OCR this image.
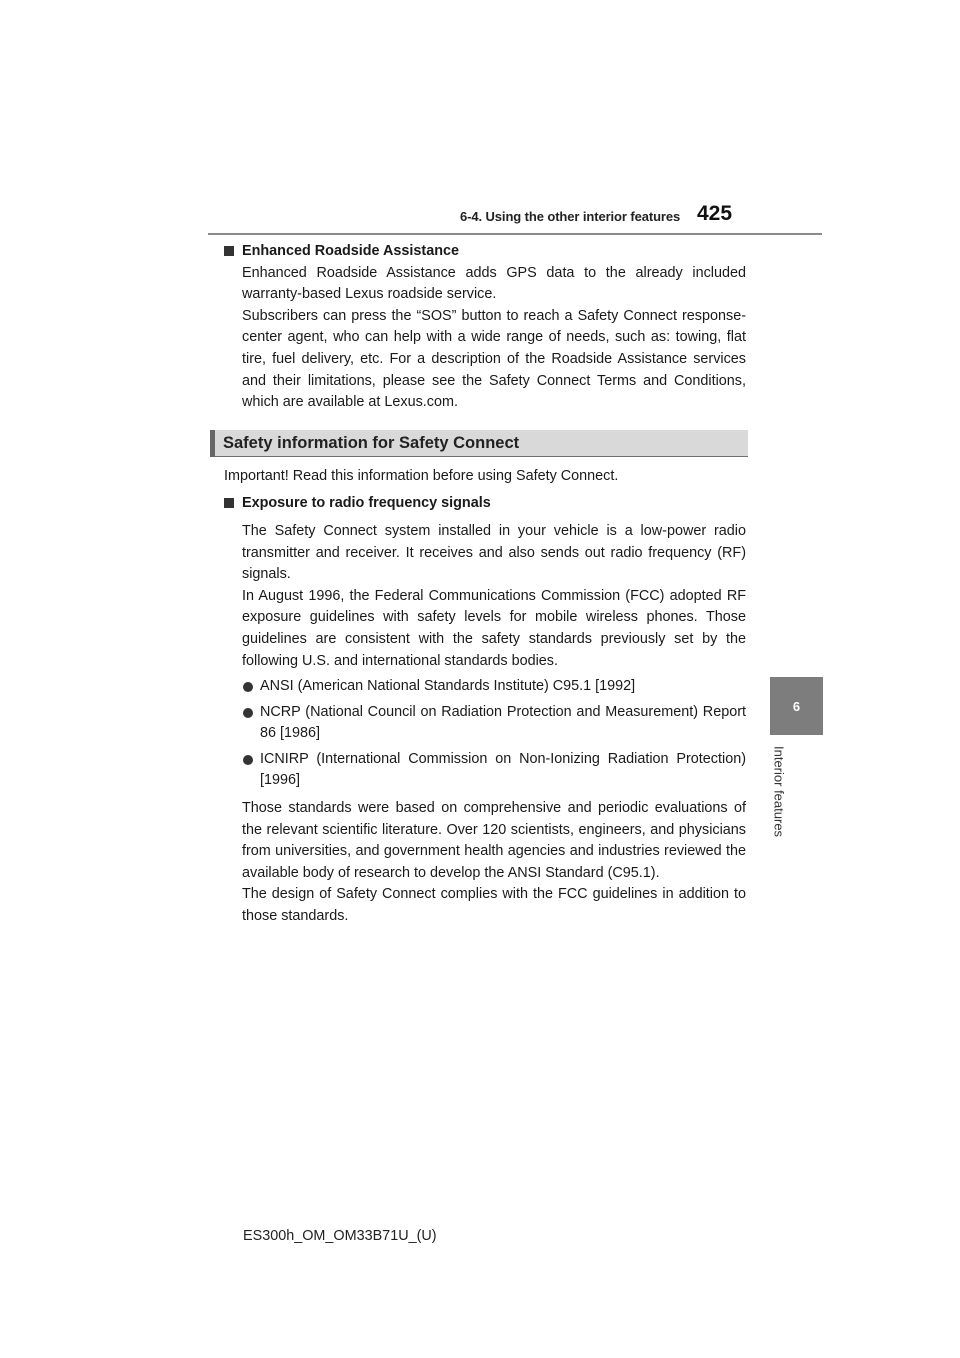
6-4. Using the other interior features 425
6
Interior features

Enhanced Roadside Assistance

Enhanced Roadside Assistance adds GPS data to the already included warranty-based Lexus roadside service.

Subscribers can press the “SOS” button to reach a Safety Connect response-center agent, who can help with a wide range of needs, such as: towing, flat tire, fuel delivery, etc. For a description of the Roadside Assistance services and their limitations, please see the Safety Connect Terms and Conditions, which are available at Lexus.com.

Safety information for Safety Connect

Important! Read this information before using Safety Connect.

Exposure to radio frequency signals

The Safety Connect system installed in your vehicle is a low-power radio transmitter and receiver. It receives and also sends out radio frequency (RF) signals.

In August 1996, the Federal Communications Commission (FCC) adopted RF exposure guidelines with safety levels for mobile wireless phones. Those guidelines are consistent with the safety standards previously set by the following U.S. and international standards bodies.

ANSI (American National Standards Institute) C95.1 [1992]
NCRP (National Council on Radiation Protection and Measurement) Report 86 [1986]
ICNIRP (International Commission on Non-Ionizing Radiation Protection) [1996]

Those standards were based on comprehensive and periodic evaluations of the relevant scientific literature. Over 120 scientists, engineers, and physicians from universities, and government health agencies and industries reviewed the available body of research to develop the ANSI Standard (C95.1).

The design of Safety Connect complies with the FCC guidelines in addition to those standards.

ES300h_OM_OM33B71U_(U)
